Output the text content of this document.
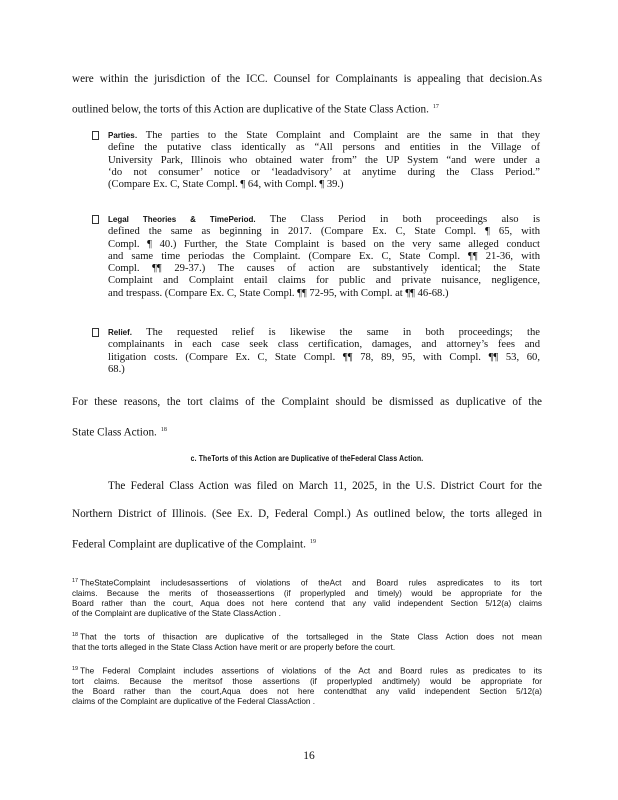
were within the jurisdiction of the ICC. Counsel for Complainants is appealing that decision.As
outlined below, the torts of this Action are duplicative of the State Class Action. $^{17}$
Parties. The parties to the State Complaint and Complaint are the same in that they
define the putative class identically as “All persons and entities in the Village of
University Park, Illinois who obtained water from” the UP System “and were under a
‘do not consumer’ notice or ‘leadadvisory’ at anytime during the Class Period.”
(Compare Ex. C, State Compl. ¶ 64, with Compl. ¶ 39.)
Legal Theories & TimePeriod. The Class Period in both proceedings also is
defined the same as beginning in 2017. (Compare Ex. C, State Compl. ¶ 65, with
Compl. ¶ 40.) Further, the State Complaint is based on the very same alleged conduct
and same time periodas the Complaint. (Compare Ex. C, State Compl. ¶¶ 21-36, with
Compl. ¶¶ 29-37.) The causes of action are substantively identical; the State
Complaint and Complaint entail claims for public and private nuisance, negligence,
and trespass. (Compare Ex. C, State Compl. ¶¶ 72-95, with Compl. at ¶¶ 46-68.)
Relief. The requested relief is likewise the same in both proceedings; the
complainants in each case seek class certification, damages, and attorney’s fees and
litigation costs. (Compare Ex. C, State Compl. ¶¶ 78, 89, 95, with Compl. ¶¶ 53, 60,
68.)
For these reasons, the tort claims of the Complaint should be dismissed as duplicative of the
State Class Action. $^{18}$
c. TheTorts of this Action are Duplicative of theFederal Class Action.
The Federal Class Action was filed on March 11, 2025, in the U.S. District Court for the
Northern District of Illinois. (See Ex. D, Federal Compl.) As outlined below, the torts alleged in
Federal Complaint are duplicative of the Complaint. $^{19}$
$^{17}$ TheStateComplaint includesassertions of violations of theAct and Board rules aspredicates to its tort
claims. Because the merits of thoseassertions (if properlypled and timely) would be appropriate for the
Board rather than the court, Aqua does not here contend that any valid independent Section 5/12(a) claims
of the Complaint are duplicative of the State ClassAction .
$^{18}$ That the torts of thisaction are duplicative of the tortsalleged in the State Class Action does not mean
that the torts alleged in the State Class Action have merit or are properly before the court.
$^{19}$ The Federal Complaint includes assertions of violations of the Act and Board rules as predicates to its
tort claims. Because the meritsof those assertions (if properlypled andtimely) would be appropriate for
the Board rather than the court,Aqua does not here contendthat any valid independent Section 5/12(a)
claims of the Complaint are duplicative of the Federal ClassAction .
16
